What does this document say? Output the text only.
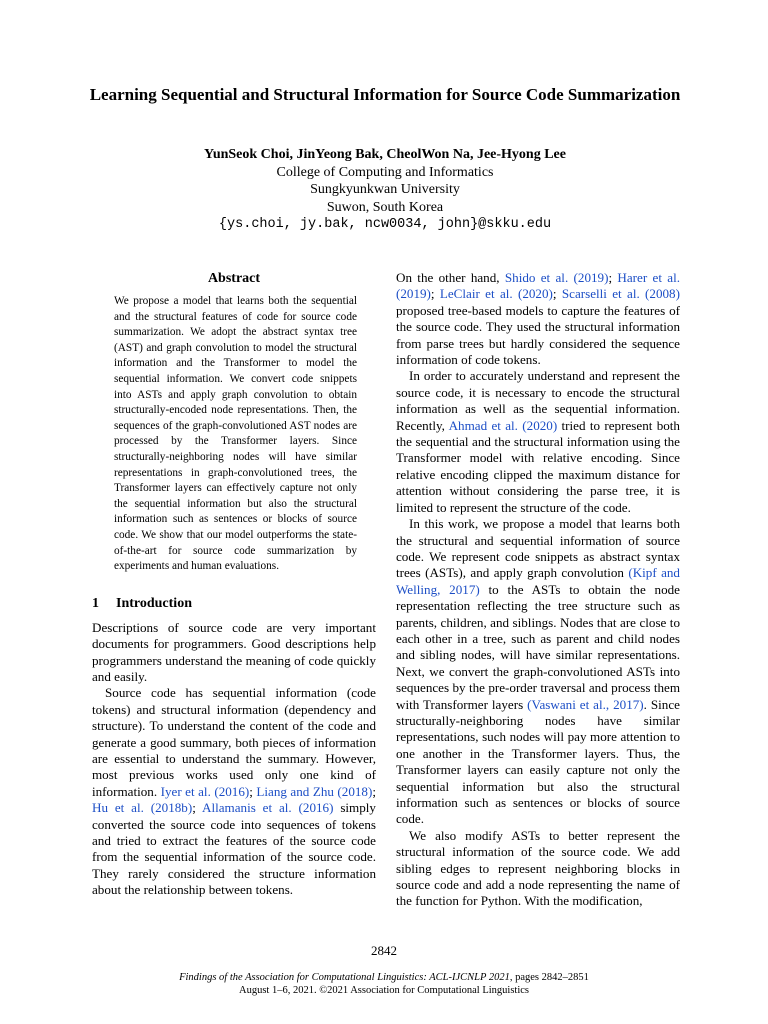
Learning Sequential and Structural Information for Source Code Summarization
YunSeok Choi, JinYeong Bak, CheolWon Na, Jee-Hyong Lee
College of Computing and Informatics
Sungkyunkwan University
Suwon, South Korea
{ys.choi, jy.bak, ncw0034, john}@skku.edu
Abstract

We propose a model that learns both the sequential and the structural features of code for source code summarization. We adopt the abstract syntax tree (AST) and graph convolution to model the structural information and the Transformer to model the sequential information. We convert code snippets into ASTs and apply graph convolution to obtain structurally-encoded node representations. Then, the sequences of the graph-convolutioned AST nodes are processed by the Transformer layers. Since structurally-neighboring nodes will have similar representations in graph-convolutioned trees, the Transformer layers can effectively capture not only the sequential information but also the structural information such as sentences or blocks of source code. We show that our model outperforms the state-of-the-art for source code summarization by experiments and human evaluations.

1 Introduction

Descriptions of source code are very important documents for programmers. Good descriptions help programmers understand the meaning of code quickly and easily.

Source code has sequential information (code tokens) and structural information (dependency and structure). To understand the content of the code and generate a good summary, both pieces of information are essential to understand the summary. However, most previous works used only one kind of information. Iyer et al. (2016); Liang and Zhu (2018); Hu et al. (2018b); Allamanis et al. (2016) simply converted the source code into sequences of tokens and tried to extract the features of the source code from the sequential information of the source code. They rarely considered the structure information about the relationship between tokens.

On the other hand, Shido et al. (2019); Harer et al. (2019); LeClair et al. (2020); Scarselli et al. (2008) proposed tree-based models to capture the features of the source code. They used the structural information from parse trees but hardly considered the sequence information of code tokens.

In order to accurately understand and represent the source code, it is necessary to encode the structural information as well as the sequential information. Recently, Ahmad et al. (2020) tried to represent both the sequential and the structural information using the Transformer model with relative encoding. Since relative encoding clipped the maximum distance for attention without considering the parse tree, it is limited to represent the structure of the code.

In this work, we propose a model that learns both the structural and sequential information of source code. We represent code snippets as abstract syntax trees (ASTs), and apply graph convolution (Kipf and Welling, 2017) to the ASTs to obtain the node representation reflecting the tree structure such as parents, children, and siblings. Nodes that are close to each other in a tree, such as parent and child nodes and sibling nodes, will have similar representations. Next, we convert the graph-convolutioned ASTs into sequences by the pre-order traversal and process them with Transformer layers (Vaswani et al., 2017). Since structurally-neighboring nodes have similar representations, such nodes will pay more attention to one another in the Transformer layers. Thus, the Transformer layers can easily capture not only the sequential information but also the structural information such as sentences or blocks of source code.

We also modify ASTs to better represent the structural information of the source code. We add sibling edges to represent neighboring blocks in source code and add a node representing the name of the function for Python. With the modification,

2842

Findings of the Association for Computational Linguistics: ACL-IJCNLP 2021, pages 2842–2851
August 1–6, 2021. ©2021 Association for Computational Linguistics
